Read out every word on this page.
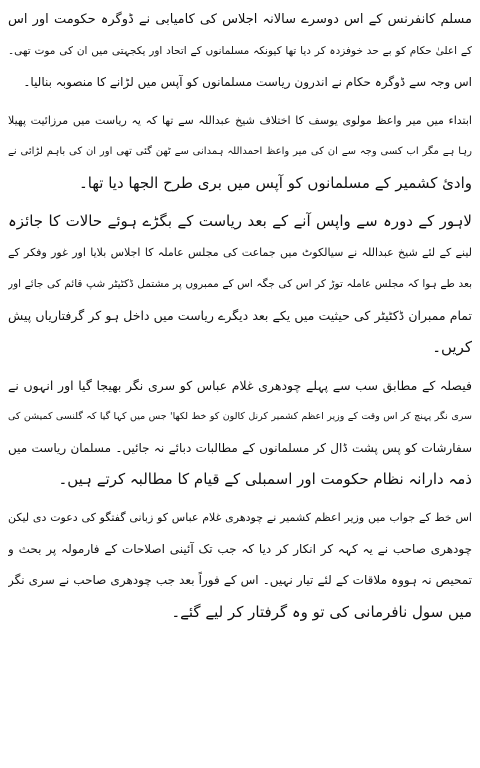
مسلم کانفرنس کے اس دوسرے سالانہ اجلاس کی کامیابی نے ڈوگرہ حکومت اور اس
کے اعلیٰ حکام کو بے حد خوفزدہ کر دیا تھا کیونکہ مسلمانوں کے اتحاد اور یکجہتی میں ان کی موت تھی۔
اس وجہ سے ڈوگرہ حکام نے اندرون ریاست مسلمانوں کو آپس میں لڑانے کا منصوبہ بنالیا۔
ابتداء میں میر واعظ مولوی یوسف کا اختلاف شیخ عبداللہ سے تھا کہ یہ ریاست میں مرزائیت پھیلا
رہا ہے مگر اب کسی وجہ سے ان کی میر واعظ احمداللہ ہمدانی سے ٹھن گئی تھی اور ان کی باہم لڑائی نے
وادیٔ کشمیر کے مسلمانوں کو آپس میں بری طرح الجھا دیا تھا۔
لاہور کے دورہ سے واپس آنے کے بعد ریاست کے بگڑے ہوئے حالات کا جائزہ
لینے کے لئے شیخ عبداللہ نے سیالکوٹ میں جماعت کی مجلس عاملہ کا اجلاس بلایا اور غور وفکر کے
بعد طے ہوا کہ مجلس عاملہ توڑ کر اس کی جگہ اس کے ممبروں پر مشتمل ڈکٹیٹر شپ قائم کی جائے اور
تمام ممبران ڈکٹیٹر کی حیثیت میں یکے بعد دیگرے ریاست میں داخل ہو کر گرفتاریاں پیش
کریں۔
فیصلہ کے مطابق سب سے پہلے چودھری غلام عباس کو سری نگر بھیجا گیا اور انہوں نے
سری نگر پہنچ کر اس وقت کے وزیر اعظم کشمیر کرنل کالون کو خط لکھا' جس میں کہا گیا کہ گلنسی کمیشن کی
سفارشات کو پس پشت ڈال کر مسلمانوں کے مطالبات دبائے نہ جائیں۔ مسلمان ریاست میں
ذمہ دارانہ نظام حکومت اور اسمبلی کے قیام کا مطالبہ کرتے ہیں۔
اس خط کے جواب میں وزیر اعظم کشمیر نے چودھری غلام عباس کو زبانی گفتگو کی دعوت دی لیکن
چودھری صاحب نے یہ کہہ کر انکار کر دیا کہ جب تک آئینی اصلاحات کے فارمولہ پر بحث و
تمحیص نہ ہووہ ملاقات کے لئے تیار نہیں۔ اس کے فوراً بعد جب چودھری صاحب نے سری نگر
میں سول نافرمانی کی تو وہ گرفتار کر لیے گئے۔
